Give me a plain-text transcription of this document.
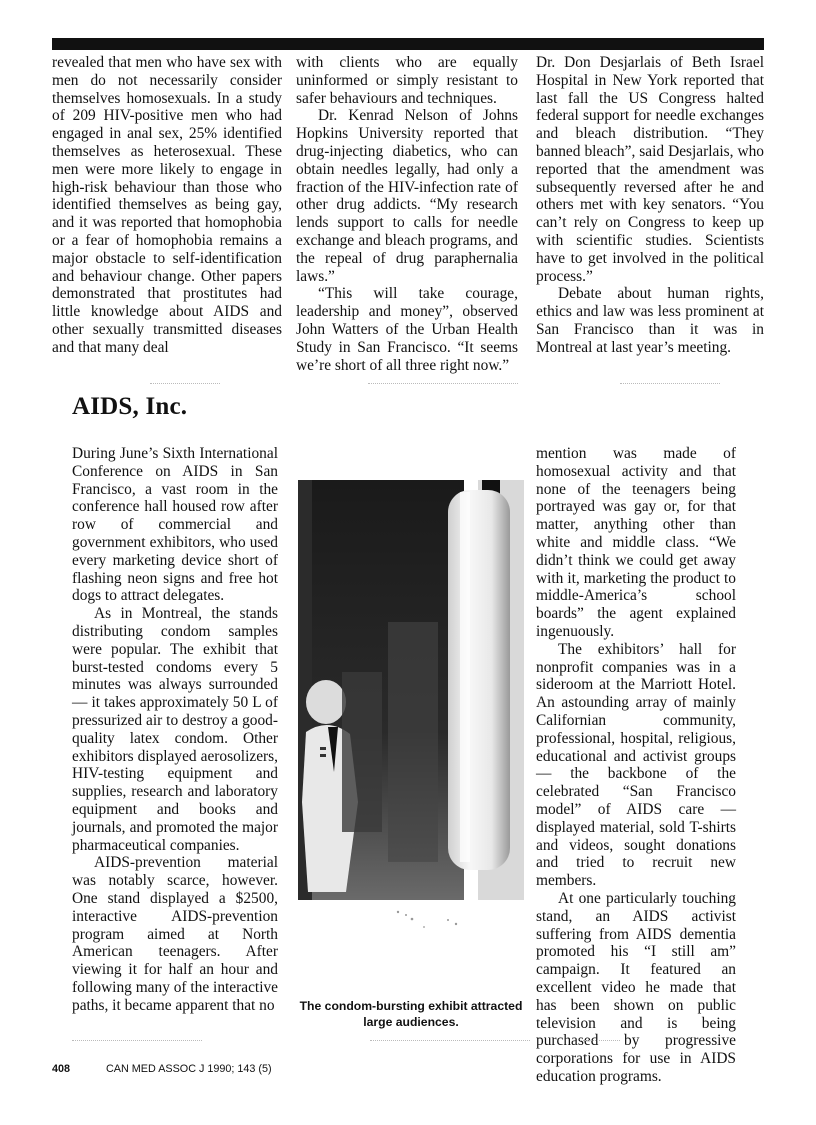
revealed that men who have sex with men do not necessarily consider themselves homosexuals. In a study of 209 HIV-positive men who had engaged in anal sex, 25% identified themselves as heterosexual. These men were more likely to engage in high-risk behaviour than those who identified themselves as being gay, and it was reported that homophobia or a fear of homophobia remains a major obstacle to self-identification and behaviour change. Other papers demonstrated that prostitutes had little knowledge about AIDS and other sexually transmitted diseases and that many deal

with clients who are equally uninformed or simply resistant to safer behaviours and techniques.

Dr. Kenrad Nelson of Johns Hopkins University reported that drug-injecting diabetics, who can obtain needles legally, had only a fraction of the HIV-infection rate of other drug addicts. “My research lends support to calls for needle exchange and bleach programs, and the repeal of drug paraphernalia laws.”

“This will take courage, leadership and money”, observed John Watters of the Urban Health Study in San Francisco. “It seems we’re short of all three right now.”

Dr. Don Desjarlais of Beth Israel Hospital in New York reported that last fall the US Congress halted federal support for needle exchanges and bleach distribution. “They banned bleach”, said Desjarlais, who reported that the amendment was subsequently reversed after he and others met with key senators. “You can’t rely on Congress to keep up with scientific studies. Scientists have to get involved in the political process.”

Debate about human rights, ethics and law was less prominent at San Francisco than it was in Montreal at last year’s meeting.

AIDS, Inc.

During June’s Sixth International Conference on AIDS in San Francisco, a vast room in the conference hall housed row after row of commercial and government exhibitors, who used every marketing device short of flashing neon signs and free hot dogs to attract delegates.

As in Montreal, the stands distributing condom samples were popular. The exhibit that burst-tested condoms every 5 minutes was always surrounded — it takes approximately 50 L of pressurized air to destroy a good-quality latex condom. Other exhibitors displayed aerosolizers, HIV-testing equipment and supplies, research and laboratory equipment and books and journals, and promoted the major pharmaceutical companies.

AIDS-prevention material was notably scarce, however. One stand displayed a $2500, interactive AIDS-prevention program aimed at North American teenagers. After viewing it for half an hour and following many of the interactive paths, it became apparent that no The condom-bursting exhibit attracted large audiences.

mention was made of homosexual activity and that none of the teenagers being portrayed was gay or, for that matter, anything other than white and middle class. “We didn’t think we could get away with it, marketing the product to middle-America’s school boards” the agent explained ingenuously.

The exhibitors’ hall for nonprofit companies was in a sideroom at the Marriott Hotel. An astounding array of mainly Californian community, professional, hospital, religious, educational and activist groups — the backbone of the celebrated “San Francisco model” of AIDS care — displayed material, sold T-shirts and videos, sought donations and tried to recruit new members.

At one particularly touching stand, an AIDS activist suffering from AIDS dementia promoted his “I still am” campaign. It featured an excellent video he made that has been shown on public television and is being purchased by progressive corporations for use in AIDS education programs.

408	CAN MED ASSOC J 1990; 143 (5)
